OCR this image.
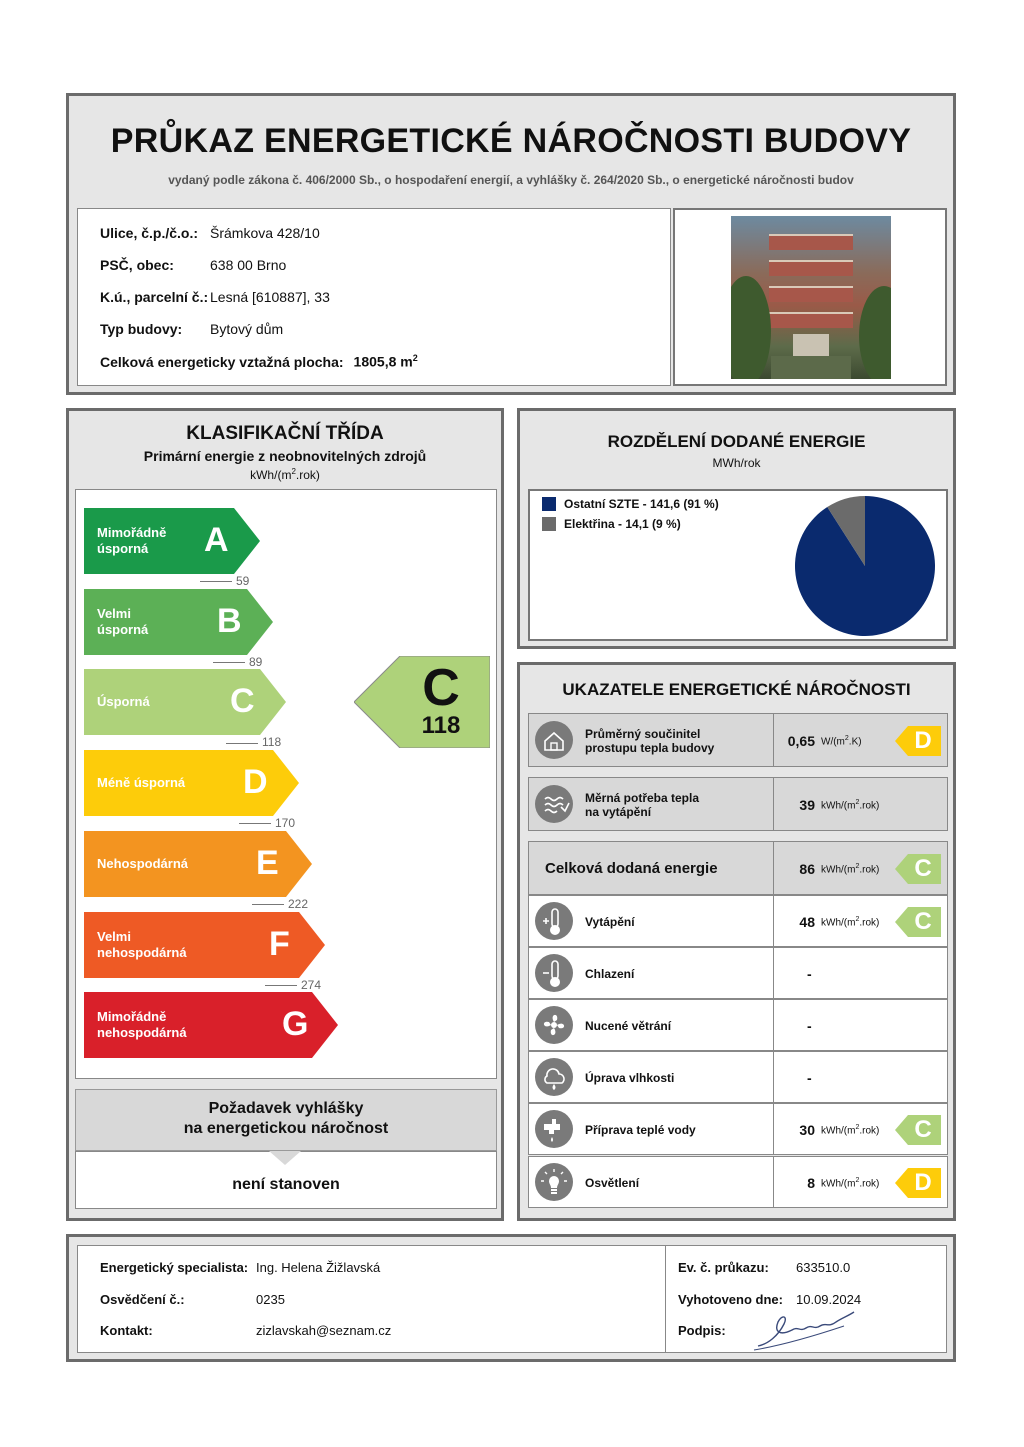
PRŮKAZ ENERGETICKÉ NÁROČNOSTI BUDOVY
vydaný podle zákona č. 406/2000 Sb., o hospodaření energií, a vyhlášky č. 264/2020 Sb., o energetické náročnosti budov
Ulice, č.p./č.o.: Šrámkova 428/10
PSČ, obec:	638 00 Brno
K.ú., parcelní č.: Lesná [610887], 33
Typ budovy:	Bytový dům
Celková energeticky vztažná plocha: 1805,8 $m^2$
KLASIFIKAČNÍ TŘÍDA
Primární energie z neobnovitelných zdrojů
kWh/$(m^2.rok)$
Mimořádně
úsporná	A
59
Velmi
úsporná B
89
Úsporná C
118
Méně úsporná D
170
Nehospodárná E
222
Velmi
nehospodárná F
274
Mimořádně
nehospodárná	G
C
118
Požadavek vyhlášky
na energetickou náročnost
není stanoven
ROZDĚLENÍ DODANÉ ENERGIE
MWh/rok
Ostatní SZTE - 141,6 (91 %)
Elektřina - 14,1 (9 %)
UKAZATELE ENERGETICKÉ NÁROČNOSTI
Průměrný součinitel
prostupu tepla budovy	0,65 $W/(m^2.K)$ D
Měrná potřeba tepla
na vytápění	39 kWh/$(m^2.rok)$
Celková dodaná energie	86 kWh/$(m^2.rok)$ C
Vytápění	48 kWh/$(m^2.rok)$ C
Chlazení	-
Nucené větrání	-
Úprava vlhkosti	-
Příprava teplé vody	30 kWh/$(m^2.rok)$ C
Osvětlení	8 kWh/$(m^2.rok)$ D
Energetický specialista: Ing. Helena Žižlavská
Osvědčení č.:	0235
Kontakt:	zizlavskah@seznam.cz
Ev. č. průkazu:	633510.0
Vyhotoveno dne:	10.09.2024
Podpis:
